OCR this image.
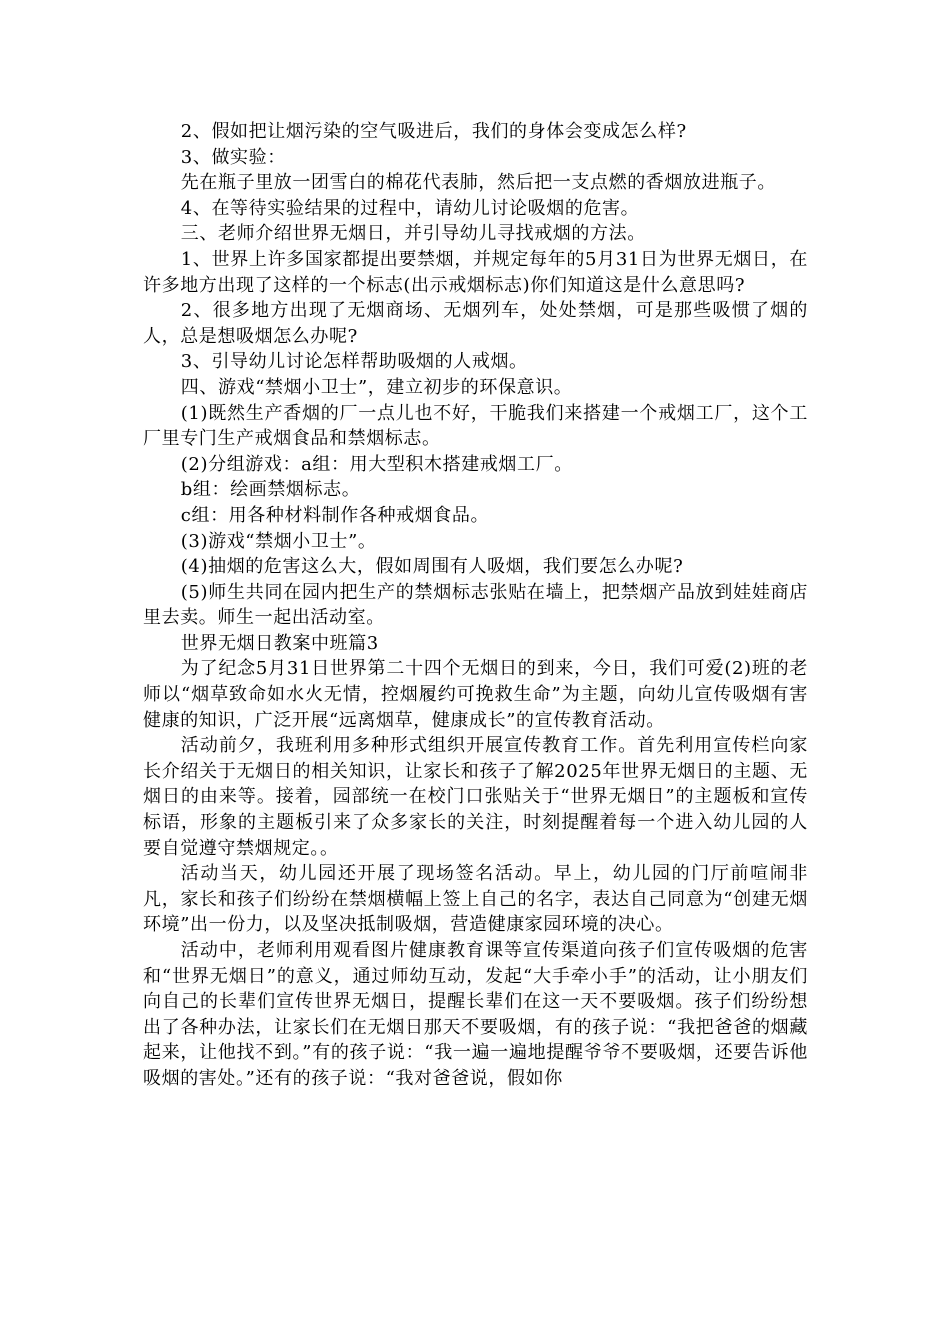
2、假如把让烟污染的空气吸进后，我们的身体会变成怎么样?

3、做实验：

先在瓶子里放一团雪白的棉花代表肺，然后把一支点燃的香烟放进瓶子。

4、在等待实验结果的过程中，请幼儿讨论吸烟的危害。

三、老师介绍世界无烟日，并引导幼儿寻找戒烟的方法。

1、世界上许多国家都提出要禁烟，并规定每年的5月31日为世界无烟日，在许多地方出现了这样的一个标志(出示戒烟标志)你们知道这是什么意思吗?

2、很多地方出现了无烟商场、无烟列车，处处禁烟，可是那些吸惯了烟的人，总是想吸烟怎么办呢?

3、引导幼儿讨论怎样帮助吸烟的人戒烟。

四、游戏“禁烟小卫士”，建立初步的环保意识。

(1)既然生产香烟的厂一点儿也不好，干脆我们来搭建一个戒烟工厂，这个工厂里专门生产戒烟食品和禁烟标志。

(2)分组游戏：a组：用大型积木搭建戒烟工厂。

b组：绘画禁烟标志。

c组：用各种材料制作各种戒烟食品。

(3)游戏“禁烟小卫士”。

(4)抽烟的危害这么大，假如周围有人吸烟，我们要怎么办呢?

(5)师生共同在园内把生产的禁烟标志张贴在墙上，把禁烟产品放到娃娃商店里去卖。师生一起出活动室。

世界无烟日教案中班篇3

为了纪念5月31日世界第二十四个无烟日的到来，今日，我们可爱(2)班的老师以“烟草致命如水火无情，控烟履约可挽救生命”为主题，向幼儿宣传吸烟有害健康的知识，广泛开展“远离烟草，健康成长”的宣传教育活动。

活动前夕，我班利用多种形式组织开展宣传教育工作。首先利用宣传栏向家长介绍关于无烟日的相关知识，让家长和孩子了解2025年世界无烟日的主题、无烟日的由来等。接着，园部统一在校门口张贴关于“世界无烟日”的主题板和宣传标语，形象的主题板引来了众多家长的关注，时刻提醒着每一个进入幼儿园的人要自觉遵守禁烟规定。。

活动当天，幼儿园还开展了现场签名活动。早上，幼儿园的门厅前喧闹非凡，家长和孩子们纷纷在禁烟横幅上签上自己的名字，表达自己同意为“创建无烟环境”出一份力，以及坚决抵制吸烟，营造健康家园环境的决心。

活动中，老师利用观看图片健康教育课等宣传渠道向孩子们宣传吸烟的危害和“世界无烟日”的意义，通过师幼互动，发起“大手牵小手”的活动，让小朋友们向自己的长辈们宣传世界无烟日，提醒长辈们在这一天不要吸烟。孩子们纷纷想出了各种办法，让家长们在无烟日那天不要吸烟，有的孩子说：“我把爸爸的烟藏起来，让他找不到。”有的孩子说：“我一遍一遍地提醒爷爷不要吸烟，还要告诉他吸烟的害处。”还有的孩子说：“我对爸爸说，假如你
